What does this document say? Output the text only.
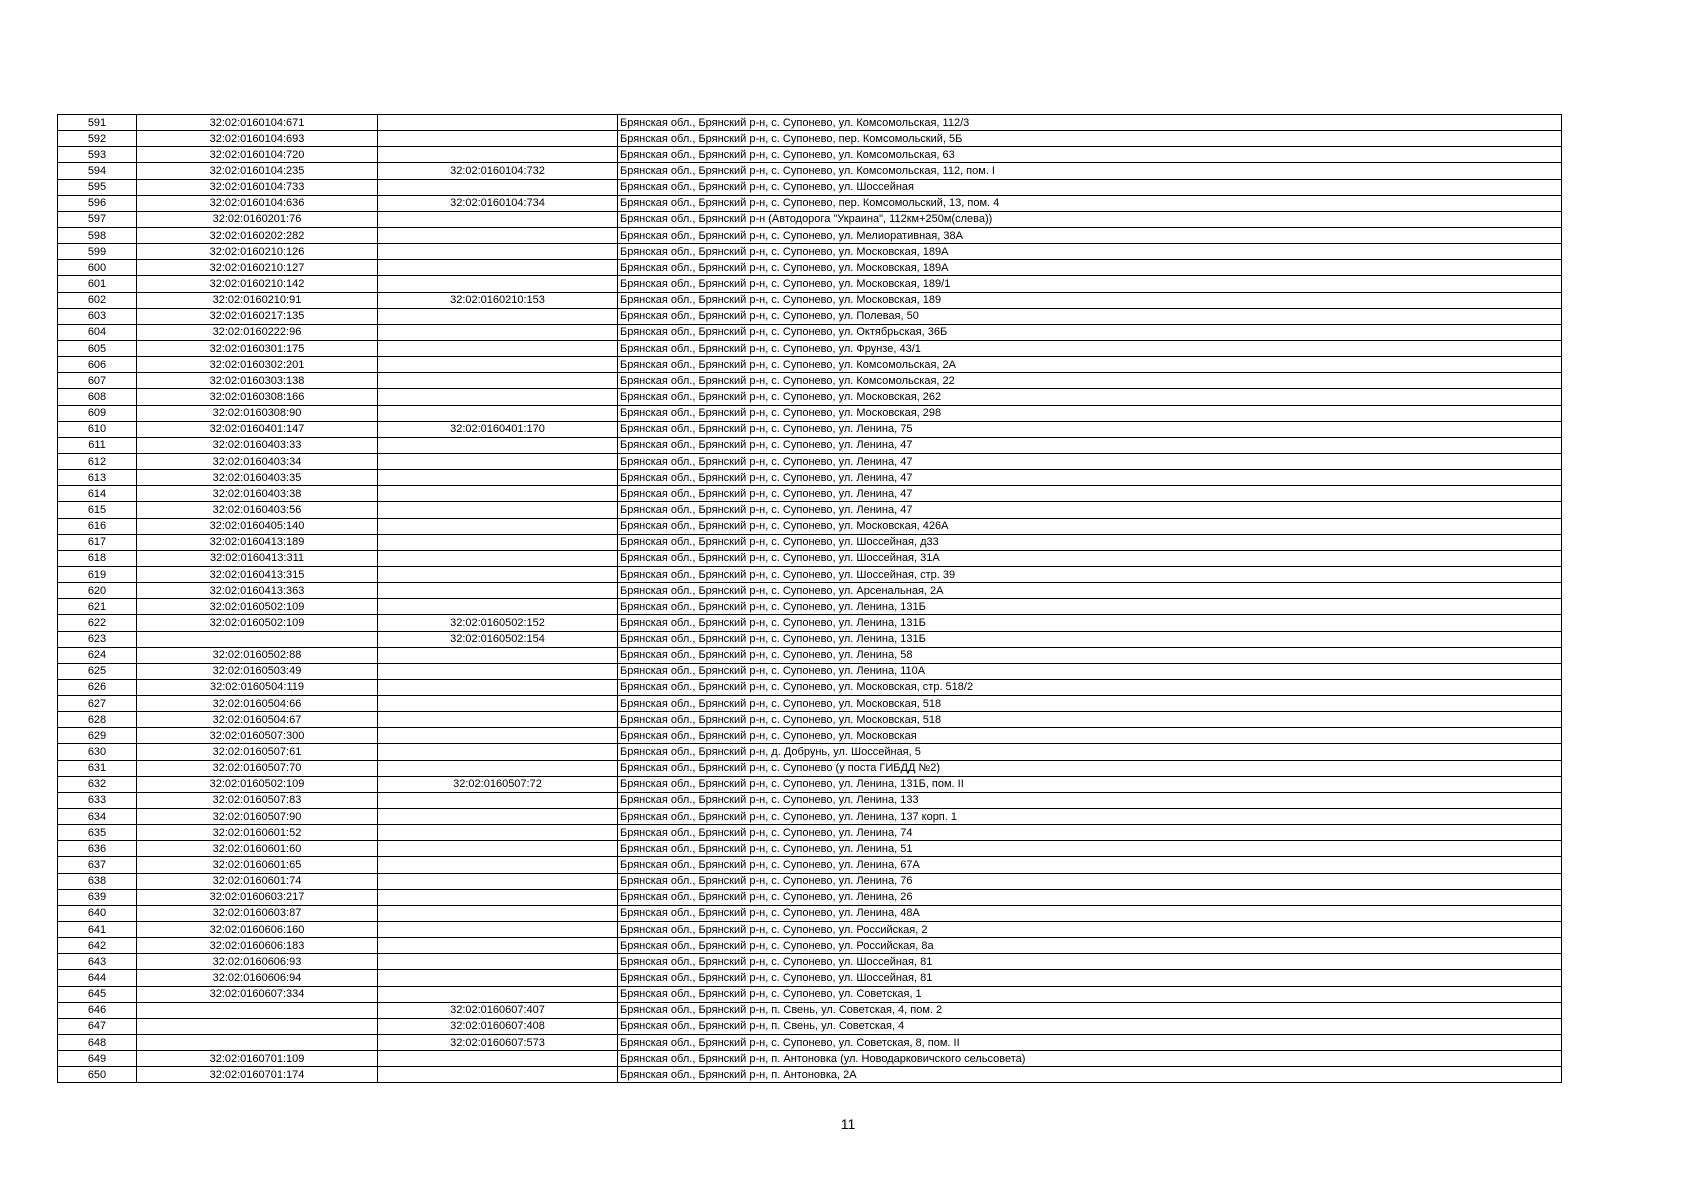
591	32:02:0160104:671		Брянская обл., Брянский р-н, с. Супонево, ул. Комсомольская, 112/3
592	32:02:0160104:693		Брянская обл., Брянский р-н, с. Супонево, пер. Комсомольский, 5Б
593	32:02:0160104:720		Брянская обл., Брянский р-н, с. Супонево, ул. Комсомольская, 63
594	32:02:0160104:235	32:02:0160104:732	Брянская обл., Брянский р-н, с. Супонево, ул. Комсомольская, 112, пом. I
595	32:02:0160104:733		Брянская обл., Брянский р-н, с. Супонево, ул. Шоссейная
596	32:02:0160104:636	32:02:0160104:734	Брянская обл., Брянский р-н, с. Супонево, пер. Комсомольский, 13, пом. 4
597	32:02:0160201:76		Брянская обл., Брянский р-н (Автодорога "Украина", 112км+250м(слева))
598	32:02:0160202:282		Брянская обл., Брянский р-н, с. Супонево, ул. Мелиоративная, 38А
599	32:02:0160210:126		Брянская обл., Брянский р-н, с. Супонево, ул. Московская, 189А
600	32:02:0160210:127		Брянская обл., Брянский р-н, с. Супонево, ул. Московская, 189А
601	32:02:0160210:142		Брянская обл., Брянский р-н, с. Супонево, ул. Московская, 189/1
602	32:02:0160210:91	32:02:0160210:153	Брянская обл., Брянский р-н, с. Супонево, ул. Московская, 189
603	32:02:0160217:135		Брянская обл., Брянский р-н, с. Супонево, ул. Полевая, 50
604	32:02:0160222:96		Брянская обл., Брянский р-н, с. Супонево, ул. Октябрьская, 36Б
605	32:02:0160301:175		Брянская обл., Брянский р-н, с. Супонево, ул. Фрунзе, 43/1
606	32:02:0160302:201		Брянская обл., Брянский р-н, с. Супонево, ул. Комсомольская, 2А
607	32:02:0160303:138		Брянская обл., Брянский р-н, с. Супонево, ул. Комсомольская, 22
608	32:02:0160308:166		Брянская обл., Брянский р-н, с. Супонево, ул. Московская, 262
609	32:02:0160308:90		Брянская обл., Брянский р-н, с. Супонево, ул. Московская, 298
610	32:02:0160401:147	32:02:0160401:170	Брянская обл., Брянский р-н, с. Супонево, ул. Ленина, 75
611	32:02:0160403:33		Брянская обл., Брянский р-н, с. Супонево, ул. Ленина, 47
612	32:02:0160403:34		Брянская обл., Брянский р-н, с. Супонево, ул. Ленина, 47
613	32:02:0160403:35		Брянская обл., Брянский р-н, с. Супонево, ул. Ленина, 47
614	32:02:0160403:38		Брянская обл., Брянский р-н, с. Супонево, ул. Ленина, 47
615	32:02:0160403:56		Брянская обл., Брянский р-н, с. Супонево, ул. Ленина, 47
616	32:02:0160405:140		Брянская обл., Брянский р-н, с. Супонево, ул. Московская, 426А
617	32:02:0160413:189		Брянская обл., Брянский р-н, с. Супонево, ул. Шоссейная, д33
618	32:02:0160413:311		Брянская обл., Брянский р-н, с. Супонево, ул. Шоссейная, 31А
619	32:02:0160413:315		Брянская обл., Брянский р-н, с. Супонево, ул. Шоссейная, стр. 39
620	32:02:0160413:363		Брянская обл., Брянский р-н, с. Супонево, ул. Арсенальная, 2А
621	32:02:0160502:109		Брянская обл., Брянский р-н, с. Супонево, ул. Ленина, 131Б
622	32:02:0160502:109	32:02:0160502:152	Брянская обл., Брянский р-н, с. Супонево, ул. Ленина, 131Б
623		32:02:0160502:154	Брянская обл., Брянский р-н, с. Супонево, ул. Ленина, 131Б
624	32:02:0160502:88		Брянская обл., Брянский р-н, с. Супонево, ул. Ленина, 58
625	32:02:0160503:49		Брянская обл., Брянский р-н, с. Супонево, ул. Ленина, 110А
626	32:02:0160504:119		Брянская обл., Брянский р-н, с. Супонево, ул. Московская, стр. 518/2
627	32:02:0160504:66		Брянская обл., Брянский р-н, с. Супонево, ул. Московская, 518
628	32:02:0160504:67		Брянская обл., Брянский р-н, с. Супонево, ул. Московская, 518
629	32:02:0160507:300		Брянская обл., Брянский р-н, с. Супонево, ул. Московская
630	32:02:0160507:61		Брянская обл., Брянский р-н, д. Добрунь, ул. Шоссейная, 5
631	32:02:0160507:70		Брянская обл., Брянский р-н, с. Супонево (у поста ГИБДД №2)
632	32:02:0160502:109	32:02:0160507:72	Брянская обл., Брянский р-н, с. Супонево, ул. Ленина, 131Б, пом. II
633	32:02:0160507:83		Брянская обл., Брянский р-н, с. Супонево, ул. Ленина, 133
634	32:02:0160507:90		Брянская обл., Брянский р-н, с. Супонево, ул. Ленина, 137 корп. 1
635	32:02:0160601:52		Брянская обл., Брянский р-н, с. Супонево, ул. Ленина, 74
636	32:02:0160601:60		Брянская обл., Брянский р-н, с. Супонево, ул. Ленина, 51
637	32:02:0160601:65		Брянская обл., Брянский р-н, с. Супонево, ул. Ленина, 67А
638	32:02:0160601:74		Брянская обл., Брянский р-н, с. Супонево, ул. Ленина, 76
639	32:02:0160603:217		Брянская обл., Брянский р-н, с. Супонево, ул. Ленина, 26
640	32:02:0160603:87		Брянская обл., Брянский р-н, с. Супонево, ул. Ленина, 48А
641	32:02:0160606:160		Брянская обл., Брянский р-н, с. Супонево, ул. Российская, 2
642	32:02:0160606:183		Брянская обл., Брянский р-н, с. Супонево, ул. Российская, 8а
643	32:02:0160606:93		Брянская обл., Брянский р-н, с. Супонево, ул. Шоссейная, 81
644	32:02:0160606:94		Брянская обл., Брянский р-н, с. Супонево, ул. Шоссейная, 81
645	32:02:0160607:334		Брянская обл., Брянский р-н, с. Супонево, ул. Советская, 1
646		32:02:0160607:407	Брянская обл., Брянский р-н, п. Свень, ул. Советская, 4, пом. 2
647		32:02:0160607:408	Брянская обл., Брянский р-н, п. Свень, ул. Советская, 4
648		32:02:0160607:573	Брянская обл., Брянский р-н, с. Супонево, ул. Советская, 8, пом. II
649	32:02:0160701:109		Брянская обл., Брянский р-н, п. Антоновка (ул. Новодарковичского сельсовета)
650	32:02:0160701:174		Брянская обл., Брянский р-н, п. Антоновка, 2А
11
